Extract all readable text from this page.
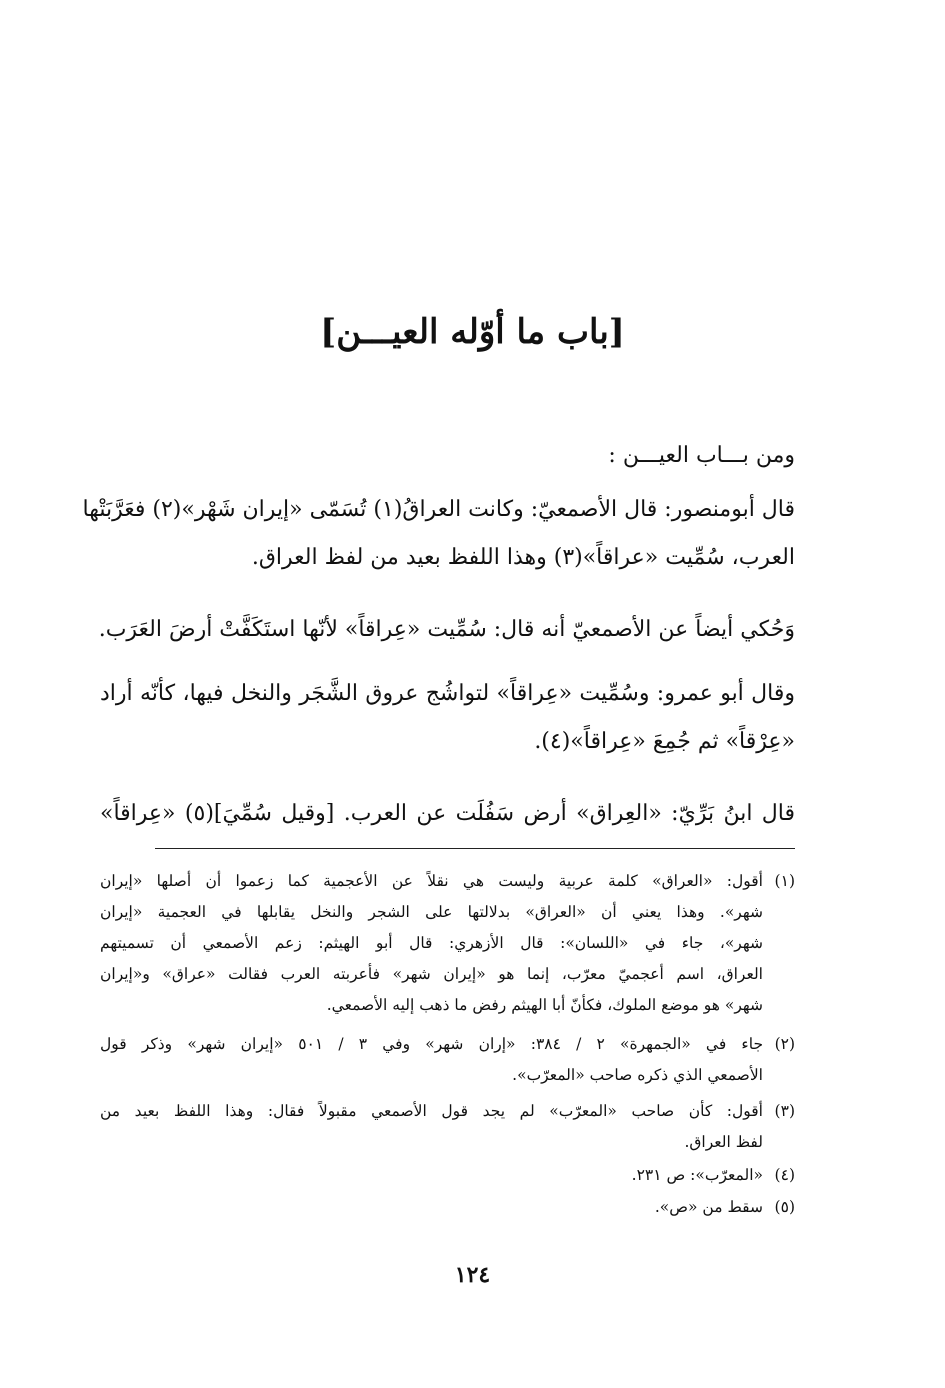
[باب ما أوّله العيـــن]
ومن بـــاب العيـــن :
قال أبومنصور: قال الأصمعيّ: وكانت العراقُ(١) تُسَمّى «إيران شَهْر»(٢) فعَرَّبَتْها
العرب، سُمِّيت «عراقاً»(٣) وهذا اللفظ بعيد من لفظ العراق.
وَحُكي أيضاً عن الأصمعيّ أنه قال: سُمِّيت «عِراقاً» لأنّها استَكَفَّتْ أرضَ العَرَب.
وقال أبو عمرو: وسُمِّيت «عِراقاً» لتواشُج عروق الشَّجَر والنخل فيها، كأنّه أراد
«عِرْقاً» ثم جُمِعَ «عِراقاً»(٤).
قال ابنُ بَرِّيّ: «العِراق» أرض سَفُلَت عن العرب. [وقيل سُمِّيَ](٥) «عِراقاً»
(١)أقول: «العراق» كلمة عربية وليست هي نقلاً عن الأعجمية كما زعموا أن أصلها «إيران
شهر». وهذا يعني أن «العراق» بدلالتها على الشجر والنخل يقابلها في العجمية «إيران
شهر»، جاء في «اللسان»: قال الأزهري: قال أبو الهيثم: زعم الأصمعي أن تسميتهم
العراق، اسم أعجميّ معرّب، إنما هو «إيران شهر» فأعربته العرب فقالت «عراق» و«إيران
شهر» هو موضع الملوك، فكأنّ أبا الهيثم رفض ما ذهب إليه الأصمعي.
(٢)جاء في «الجمهرة» ٢ / ٣٨٤: «إران شهر» وفي ٣ / ٥٠١ «إيران شهر» وذكر قول
الأصمعي الذي ذكره صاحب «المعرّب».
(٣)أقول: كأن صاحب «المعرّب» لم يجد قول الأصمعي مقبولاً فقال: وهذا اللفظ بعيد من
لفظ العراق.
(٤)«المعرّب»: ص ٢٣١.
(٥)سقط من «ص».
١٢٤
